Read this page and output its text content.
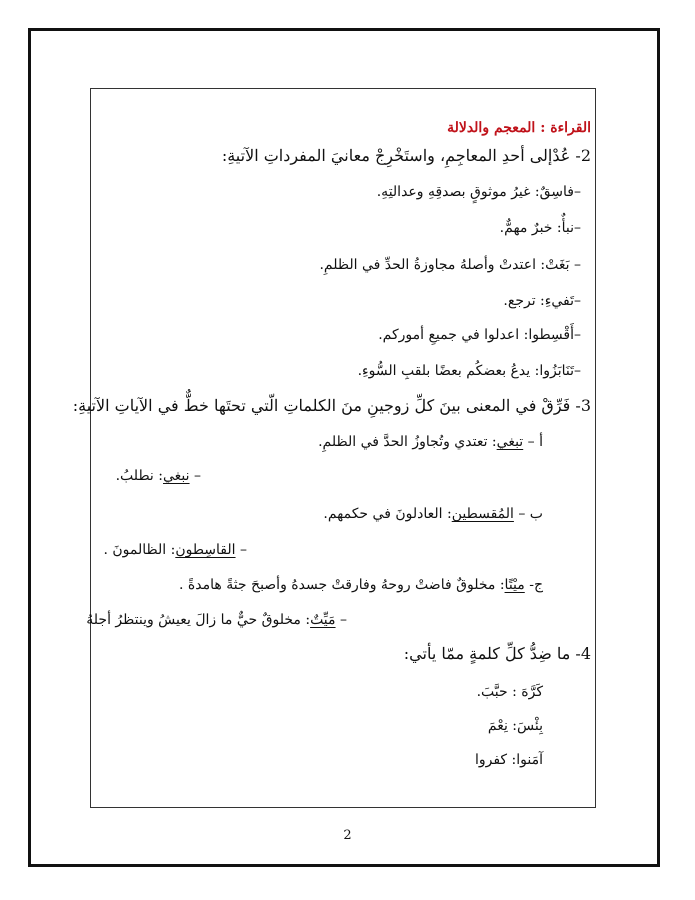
القراءة : المعجم والدلالة
2- عُدْإلى أحدِ المعاجِمِ، واستَخْرِجْ معانيَ المفرداتِ الآتيةِ:
–فاسِقٌ: غيرُ موثوقٍ بصدقِهِ وعدالتِهِ.
–نبأٌ: خبرٌ مهمٌّ.
– بَغَتْ: اعتدتْ وأصلهُ مجاوزةُ الحدِّ في الظلمِ.
–تَفيءِ: ترجع.
–أَقْسِطوا: اعدلوا في جميعِ أموركم.
–تَنَابَزُوا: يدعُ بعضكُم بعضًا بلقبِ السُّوءِ.
3- فَرِّقْ في المعنى بينَ كلِّ زوجينِ منَ الكلماتِ الّتي تحتَها خطٌّ في الآياتِ الآتيةِ:
أ – تبغي: تعتدي وتُجاوزُ الحدَّ في الظلمِ.
– نبغي: نطلبُ.
ب – المُقسطين: العادلونَ في حكمهم.
– القاسِطون: الظالمونَ .
ج- ميْتًا: مخلوقٌ فاضتْ روحهُ وفارقتْ جسدهُ وأصبحَ جثةً هامدةً .
– مَيِّتٌ: مخلوقٌ حيٌّ ما زالَ يعيشُ وينتظرُ أجلهُ
4- ما ضِدُّ كلِّ كلمةٍ ممّا يأتي:
كَرَّهَ : حبَّبَ.
بِئْسَ: نِعْمَ
آمَنوا: كفروا
2
